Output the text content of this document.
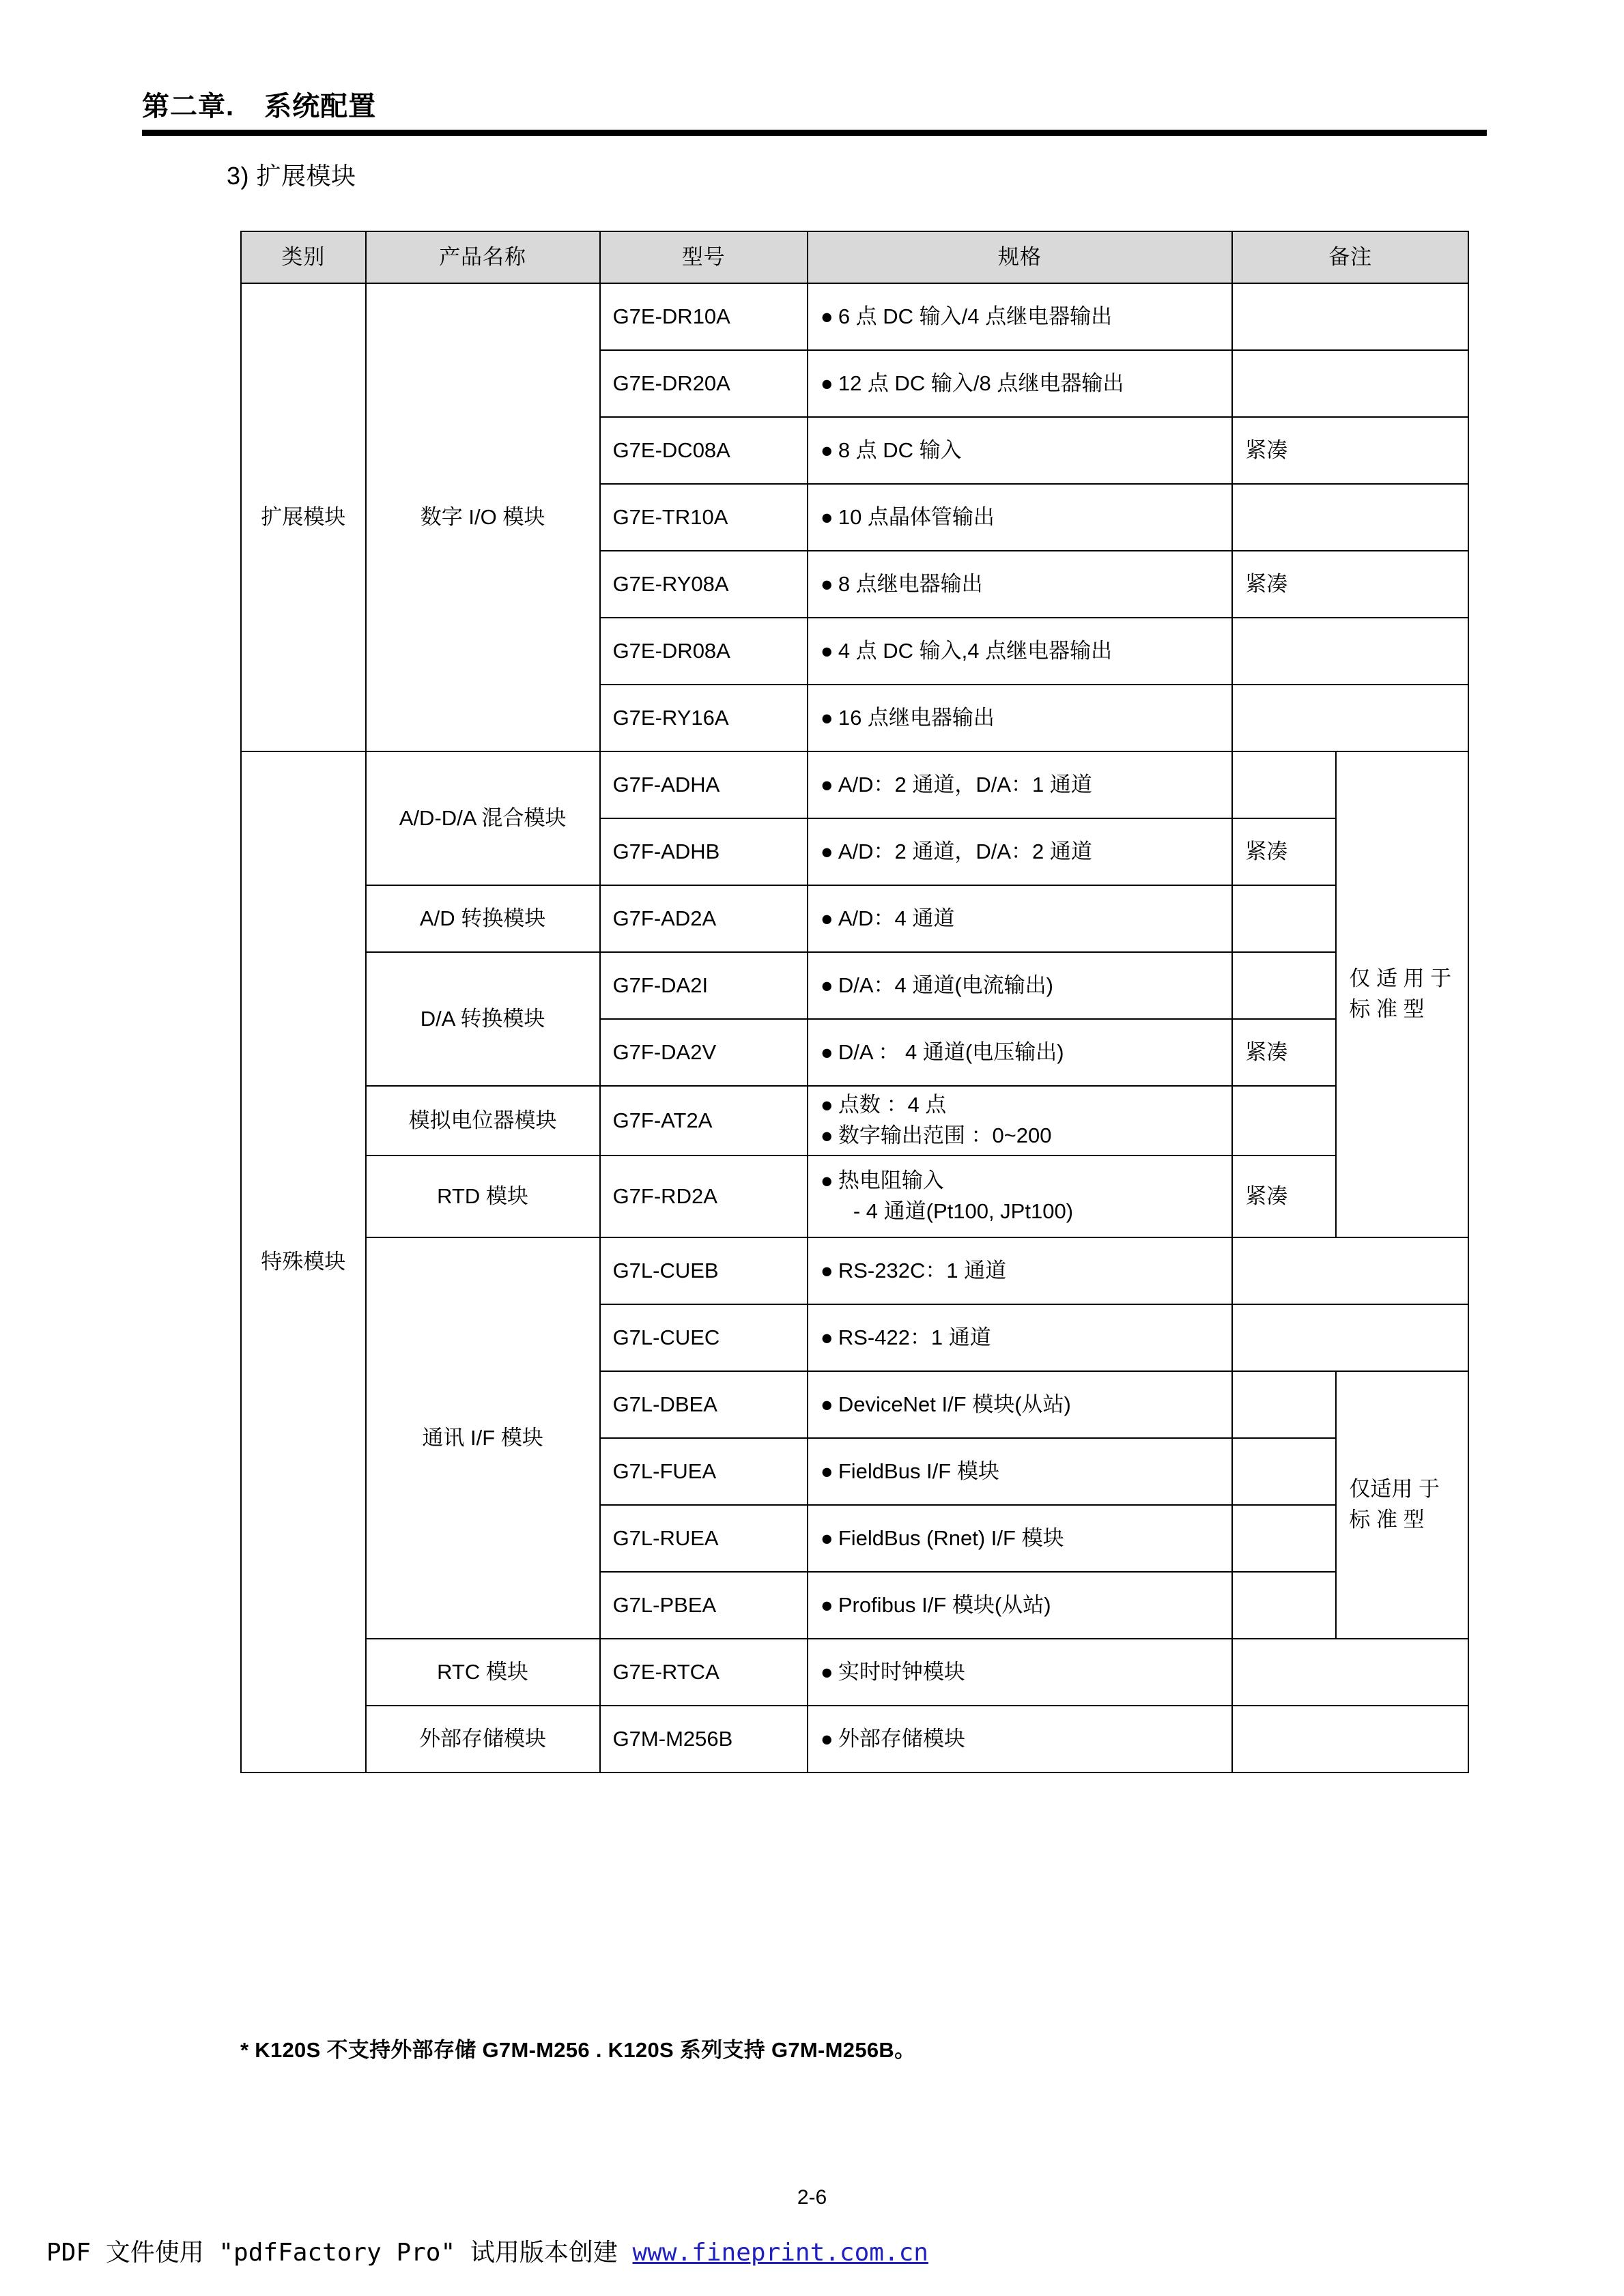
第二章. 系统配置
3) 扩展模块
类别	产品名称	型号	规格	备注	
扩展模块	数字 I/O 模块	G7E-DR10A	● 6 点 DC 输入/4 点继电器输出		

		G7E-DR20A	● 12 点 DC 输入/8 点继电器输出		

		G7E-DC08A	● 8 点 DC 输入	紧凑	
		G7E-TR10A	● 10 点晶体管输出		

		G7E-RY08A	● 8 点继电器输出	紧凑	
		G7E-DR08A	● 4 点 DC 输入,4 点继电器输出		

		G7E-RY16A	● 16 点继电器输出		

特殊模块	A/D-D/A 混合模块	G7F-ADHA	● A/D：2 通道，D/A：1 通道		仅 适 用 于 标 准 型
		G7F-ADHB	● A/D：2 通道，D/A：2 通道	紧凑	
	A/D 转换模块	G7F-AD2A	● A/D：4 通道		

	D/A 转换模块	G7F-DA2I	● D/A：4 通道(电流输出)		

		G7F-DA2V	● D/A ： 4 通道(电压输出)	紧凑	
	模拟电位器模块	G7F-AT2A	● 点数 ：4 点
● 数字输出范围 ：0~200		

	RTD 模块	G7F-RD2A	● 热电阻输入
- 4 通道(Pt100, JPt100)	紧凑	
	通讯 I/F 模块	G7L-CUEB	● RS-232C：1 通道		

		G7L-CUEC	● RS-422：1 通道		

		G7L-DBEA	● DeviceNet I/F 模块(从站)		仅适用 于 标 准 型
		G7L-FUEA	● FieldBus I/F 模块		

		G7L-RUEA	● FieldBus (Rnet) I/F 模块		

		G7L-PBEA	● Profibus I/F 模块(从站)		

	RTC 模块	G7E-RTCA	● 实时时钟模块		

	外部存储模块	G7M-M256B	● 外部存储模块		

* K120S 不支持外部存储 G7M-M256 . K120S 系列支持 G7M-M256B。
2-6
PDF 文件使用 "pdfFactory Pro" 试用版本创建 www.fineprint.com.cn
